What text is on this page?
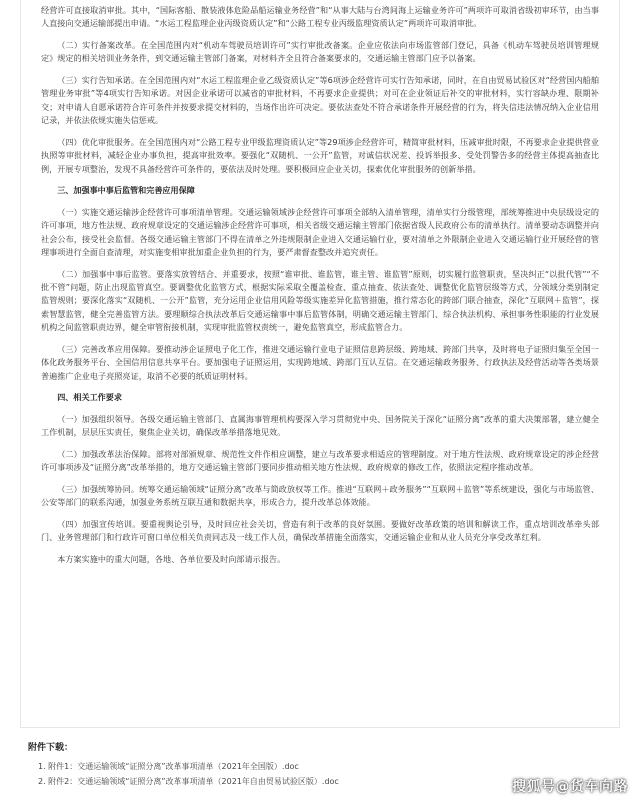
经营许可直接取消审批。其中，“国际客船、散装液体危险品船运输业务经营”和“从事大陆与台湾间海上运输业务许可”两项许可取消省级初审环节，由当事人直接向交通运输部提出申请。“水运工程监理企业丙级资质认定”和“公路工程专业丙级监理资质认定”两项许可取消审批。

（二）实行备案改革。在全国范围内对“机动车驾驶员培训许可”实行审批改备案。企业应依法向市场监管部门登记，具备《机动车驾驶员培训管理规定》规定的相关培训业务条件，到交通运输主管部门备案，对材料齐全且符合备案要求的，交通运输主管部门应予以备案。

（三）实行告知承诺。在全国范围内对“水运工程监理企业乙级资质认定”等6项涉企经营许可实行告知承诺，同时，在自由贸易试验区对“经营国内船舶管理业务审批”等4项实行告知承诺。对因企业承诺可以减省的审批材料，不再要求企业提供；对可在企业领证后补交的审批材料，实行容缺办理、限期补交；对申请人自愿承诺符合许可条件并按要求提交材料的，当场作出许可决定。要依法查处不符合承诺条件开展经营的行为，将失信违法情况纳入企业信用记录，并依法依规实施失信惩戒。

（四）优化审批服务。在全国范围内对“公路工程专业甲级监理资质认定”等29项涉企经营许可，精简审批材料，压减审批时限，不再要求企业提供营业执照等审批材料，减轻企业办事负担，提高审批效率。要强化“双随机、一公开”监管，对诚信状况差、投诉举报多、受处罚警告多的经营主体提高抽查比例，开展专项整治，发现不具备经营许可条件的，要依法及时处理。要积极回应企业关切，探索优化审批服务的创新举措。

三、加强事中事后监管和完善应用保障

（一）实施交通运输涉企经营许可事项清单管理。交通运输领域涉企经营许可事项全部纳入清单管理，清单实行分级管理，部统筹推进中央层级设定的许可事项，地方性法规、政府规章设定的交通运输涉企经营许可事项，相关省级交通运输主管部门依据省级人民政府公布的清单执行。清单要动态调整并向社会公布，接受社会监督。各级交通运输主管部门不得在清单之外违规限制企业进入交通运输行业，要对清单之外限制企业进入交通运输行业开展经营的管理事项进行全面自查清理，对实施变相审批加重企业负担的行为，要严肃督查整改并追究责任。

（二）加强事中事后监管。要落实放管结合、并重要求，按照“谁审批、谁监管，谁主管、谁监管”原则，切实履行监管职责，坚决纠正“以批代管”“不批不管”问题，防止出现监管真空。要调整优化监管方式，根据实际采取全覆盖检查、重点抽查、依法查处、调整优化监管层级等方式，分领域分类别制定监管规则；要深化落实“双随机、一公开”监管，充分运用企业信用风险等级实施差异化监管措施，推行常态化的跨部门联合抽查，深化“互联网＋监管”，探索智慧监管，健全完善监管方法。要理顺综合执法改革后交通运输事中事后监管体制，明确交通运输主管部门、综合执法机构、承担事务性职能的行业发展机构之间监管职责边界，健全审管衔接机制，实现审批监管权责统一，避免监管真空，形成监管合力。

（三）完善改革应用保障。要推动涉企证照电子化工作，推进交通运输行业电子证照信息跨层级、跨地域、跨部门共享，及时将电子证照归集至全国一体化政务服务平台、全国信用信息共享平台。要加强电子证照运用，实现跨地域、跨部门互认互信。在交通运输政务服务、行政执法及经营活动等各类场景普遍推广企业电子亮照亮证，取消不必要的纸质证明材料。

四、相关工作要求

（一）加强组织领导。各级交通运输主管部门、直属海事管理机构要深入学习贯彻党中央、国务院关于深化“证照分离”改革的重大决策部署，建立健全工作机制，层层压实责任，聚焦企业关切，确保改革举措落地见效。

（二）加强改革法治保障。部将对部颁规章、规范性文件作相应调整，建立与改革要求相适应的管理制度。对于地方性法规、政府规章设定的涉企经营许可事项涉及“证照分离”改革举措的，地方交通运输主管部门要同步推动相关地方性法规、政府规章的修改工作，依照法定程序推动改革。

（三）加强统筹协同。统筹交通运输领域“证照分离”改革与简政放权等工作。推进“互联网＋政务服务”“互联网＋监管”等系统建设，强化与市场监管、公安等部门的联系沟通，加强业务系统互联互通和数据共享，形成合力，提升改革总体效能。

（四）加强宣传培训。要重视舆论引导，及时回应社会关切，营造有利于改革的良好氛围。要做好改革政策的培训和解读工作，重点培训改革牵头部门、业务管理部门和行政许可窗口单位相关负责同志及一线工作人员，确保改革措施全面落实，交通运输企业和从业人员充分享受改革红利。

本方案实施中的重大问题，各地、各单位要及时向部请示报告。

附件下载：
1. 附件1：交通运输领域“证照分离”改革事项清单（2021年全国版）.doc
2. 附件2：交通运输领域“证照分离”改革事项清单（2021年自由贸易试验区版）.doc	搜狐号@货车向路
